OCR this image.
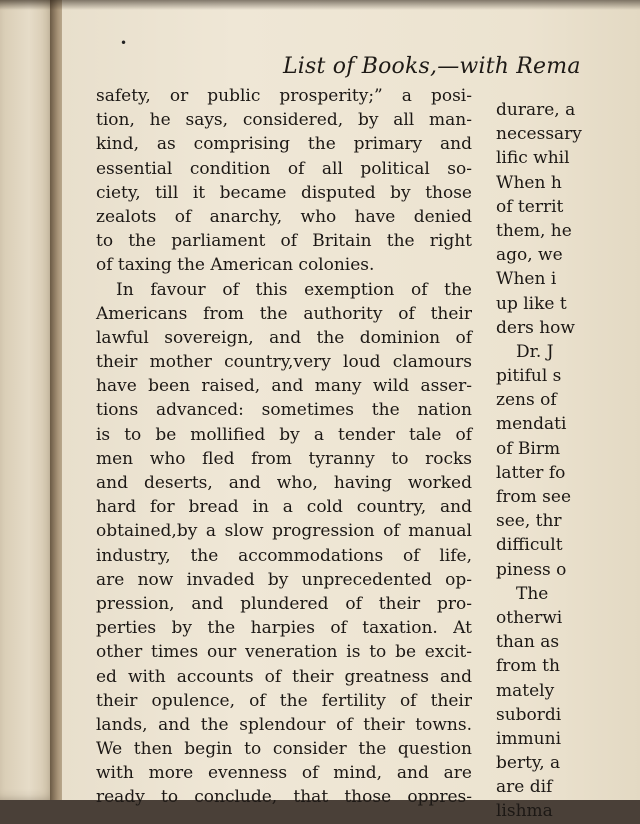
•
List of Books,—with Rema
safety, or public prosperity;” a posi-
tion, he says, considered, by all man-
kind, as comprising the primary and
essential condition of all political so-
ciety, till it became disputed by those
zealots of anarchy, who have denied
to the parliament of Britain the right
of taxing the American colonies.
In favour of this exemption of the
Americans from the authority of their
lawful sovereign, and the dominion of
their mother country,very loud clamours
have been raised, and many wild asser-
tions advanced: sometimes the nation
is to be mollified by a tender tale of
men who fled from tyranny to rocks
and deserts, and who, having worked
hard for bread in a cold country, and
obtained,by a slow progression of manual
industry, the accommodations of life,
are now invaded by unprecedented op-
pression, and plundered of their pro-
perties by the harpies of taxation. At
other times our veneration is to be excit-
ed with accounts of their greatness and
their opulence, of the fertility of their
lands, and the splendour of their towns.
We then begin to consider the question
with more evenness of mind, and are
ready to conclude, that those oppres-
durare, a
necessary
lific whil
When h
of territ
them, he
ago, we
When i
up like t
ders how
Dr. J
pitiful s
zens of
mendati
of Birm
latter fo
from see
see, thr
difficult
piness o
The
otherwi
than as
from th
mately
subordi
immuni
berty, a
are dif
lishma
